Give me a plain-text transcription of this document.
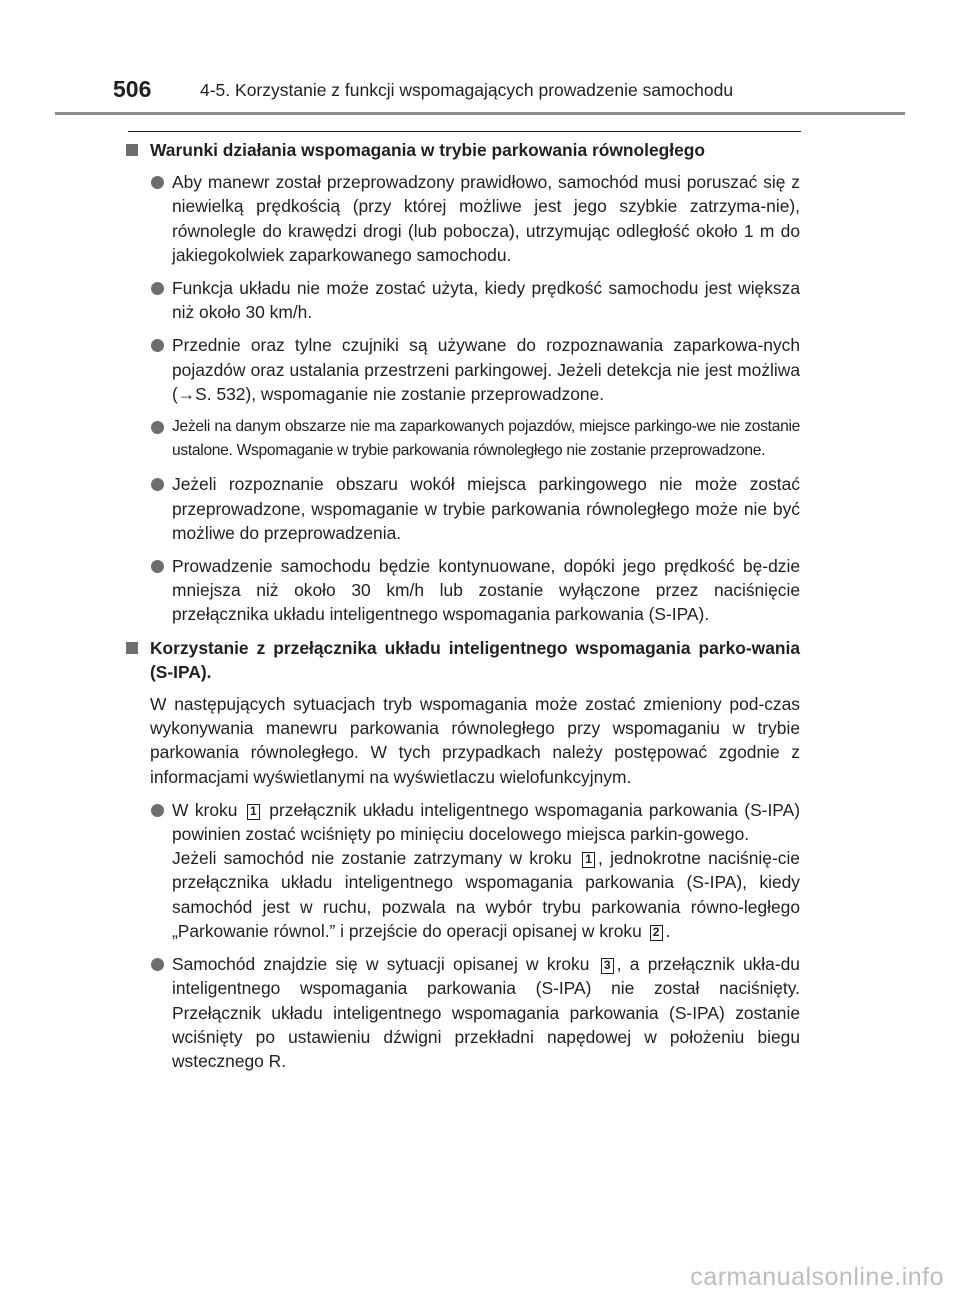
506	4-5. Korzystanie z funkcji wspomagających prowadzenie samochodu
Warunki działania wspomagania w trybie parkowania równoległego
Aby manewr został przeprowadzony prawidłowo, samochód musi poruszać się z niewielką prędkością (przy której możliwe jest jego szybkie zatrzyma-nie), równolegle do krawędzi drogi (lub pobocza), utrzymując odległość około 1 m do jakiegokolwiek zaparkowanego samochodu.
Funkcja układu nie może zostać użyta, kiedy prędkość samochodu jest większa niż około 30 km/h.
Przednie oraz tylne czujniki są używane do rozpoznawania zaparkowa-nych pojazdów oraz ustalania przestrzeni parkingowej. Jeżeli detekcja nie jest możliwa (→S. 532), wspomaganie nie zostanie przeprowadzone.
Jeżeli na danym obszarze nie ma zaparkowanych pojazdów, miejsce parkingo-we nie zostanie ustalone. Wspomaganie w trybie parkowania równoległego nie zostanie przeprowadzone.
Jeżeli rozpoznanie obszaru wokół miejsca parkingowego nie może zostać przeprowadzone, wspomaganie w trybie parkowania równoległego może nie być możliwe do przeprowadzenia.
Prowadzenie samochodu będzie kontynuowane, dopóki jego prędkość bę-dzie mniejsza niż około 30 km/h lub zostanie wyłączone przez naciśnięcie przełącznika układu inteligentnego wspomagania parkowania (S-IPA).
Korzystanie z przełącznika układu inteligentnego wspomagania parko-wania (S-IPA).
W następujących sytuacjach tryb wspomagania może zostać zmieniony pod-czas wykonywania manewru parkowania równoległego przy wspomaganiu w trybie parkowania równoległego. W tych przypadkach należy postępować zgodnie z informacjami wyświetlanymi na wyświetlaczu wielofunkcyjnym.
W kroku 1 przełącznik układu inteligentnego wspomagania parkowania (S-IPA) powinien zostać wciśnięty po minięciu docelowego miejsca parkin-gowego.
Jeżeli samochód nie zostanie zatrzymany w kroku 1 , jednokrotne naciśnię-cie przełącznika układu inteligentnego wspomagania parkowania (S-IPA), kiedy samochód jest w ruchu, pozwala na wybór trybu parkowania równo-ległego „Parkowanie równol.” i przejście do operacji opisanej w kroku 2 .
Samochód znajdzie się w sytuacji opisanej w kroku 3 , a przełącznik ukła-du inteligentnego wspomagania parkowania (S-IPA) nie został naciśnięty. Przełącznik układu inteligentnego wspomagania parkowania (S-IPA) zostanie wciśnięty po ustawieniu dźwigni przekładni napędowej w położeniu biegu wstecznego R.
carmanualsonline.info
